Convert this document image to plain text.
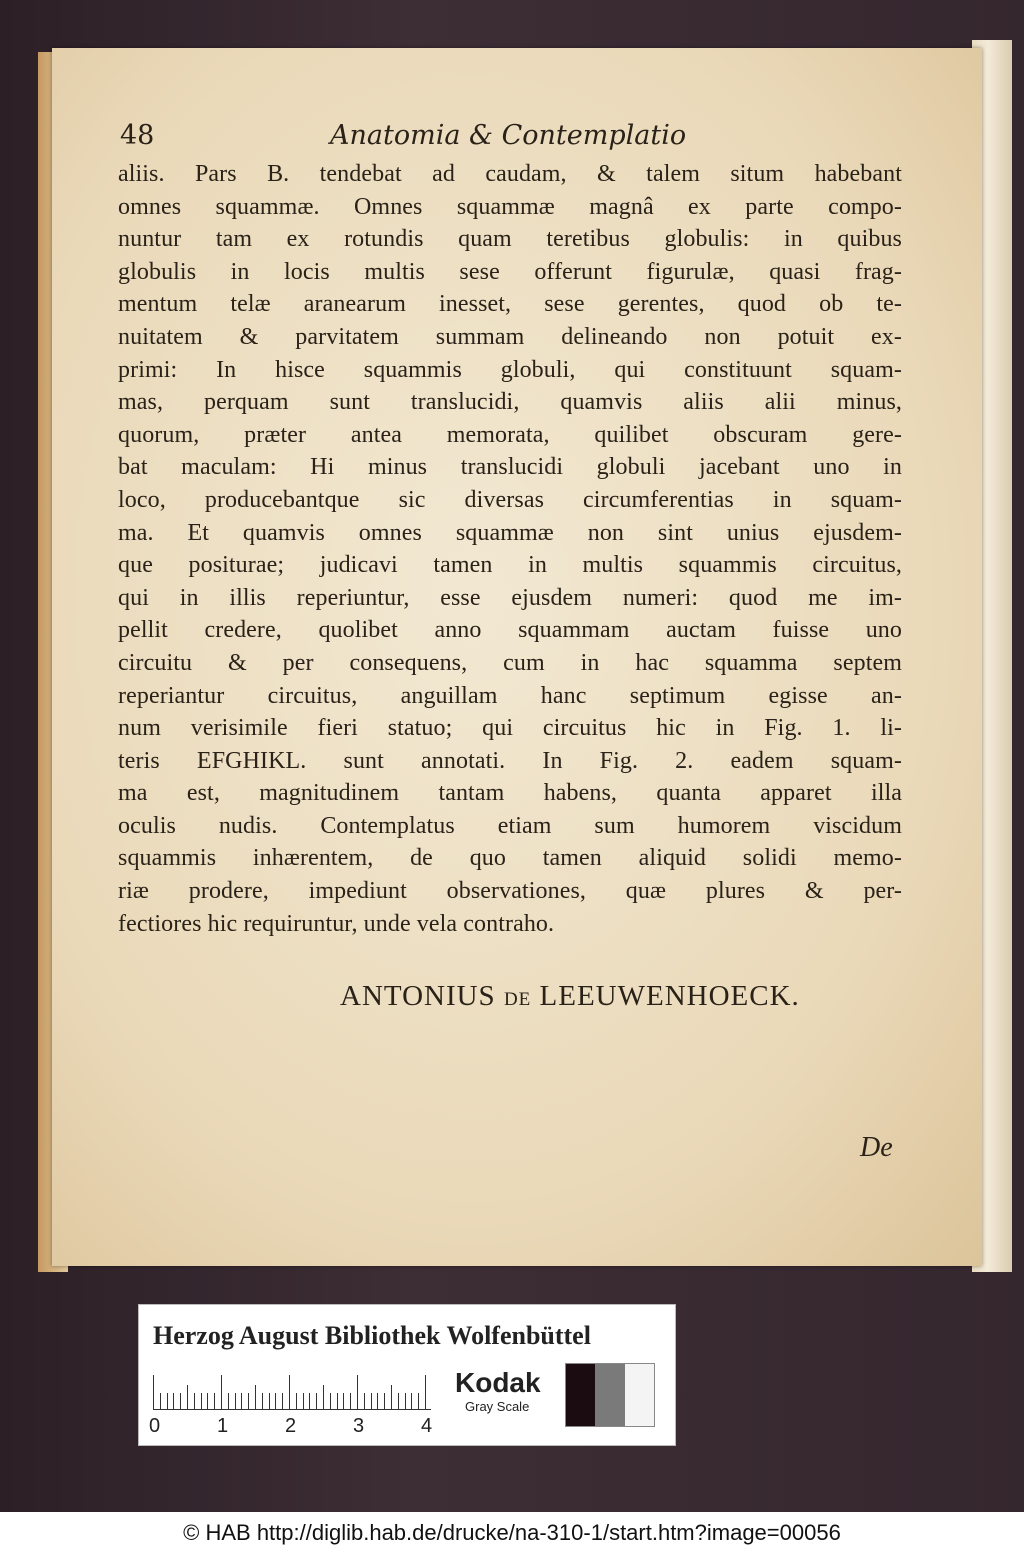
48	Anatomia & Contemplatio
aliis. Pars B. tendebat ad caudam, & talem situm habebant
omnes squammæ. Omnes squammæ magnâ ex parte compo-
nuntur tam ex rotundis quam teretibus globulis: in quibus
globulis in locis multis sese offerunt figurulæ, quasi frag-
mentum telæ aranearum inesset, sese gerentes, quod ob te-
nuitatem & parvitatem summam delineando non potuit ex-
primi: In hisce squammis globuli, qui constituunt squam-
mas, perquam sunt translucidi, quamvis aliis alii minus,
quorum, præter antea memorata, quilibet obscuram gere-
bat maculam: Hi minus translucidi globuli jacebant uno in
loco, producebantque sic diversas circumferentias in squam-
ma. Et quamvis omnes squammæ non sint unius ejusdem-
que positurae; judicavi tamen in multis squammis circuitus,
qui in illis reperiuntur, esse ejusdem numeri: quod me im-
pellit credere, quolibet anno squammam auctam fuisse uno
circuitu & per consequens, cum in hac squamma septem
reperiantur circuitus, anguillam hanc septimum egisse an-
num verisimile fieri statuo; qui circuitus hic in Fig. 1. li-
teris EFGHIKL. sunt annotati. In Fig. 2. eadem squam-
ma est, magnitudinem tantam habens, quanta apparet illa
oculis nudis. Contemplatus etiam sum humorem viscidum
squammis inhærentem, de quo tamen aliquid solidi memo-
riæ prodere, impediunt observationes, quæ plures & per-
fectiores hic requiruntur, unde vela contraho.
ANTONIUS DE LEEUWENHOECK.
De
Herzog August Bibliothek Wolfenbüttel
0	1	2	3	4
Kodak
Gray Scale
© HAB http://diglib.hab.de/drucke/na-310-1/start.htm?image=00056
